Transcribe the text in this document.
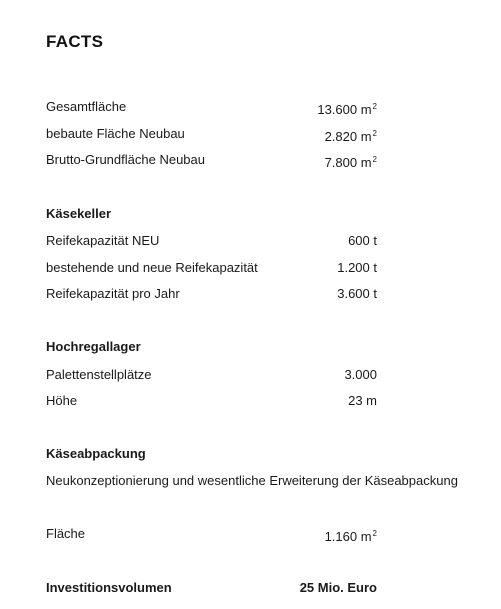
FACTS
Gesamtfläche	13.600 $m^2$
bebaute Fläche Neubau	2.820 $m^2$
Brutto-Grundfläche Neubau	7.800 $m^2$
Käsekeller
Reifekapazität NEU	600 t
bestehende und neue Reifekapazität	1.200 t
Reifekapazität pro Jahr	3.600 t
Hochregallager
Palettenstellplätze	3.000
Höhe	23 m
Käseabpackung
Neukonzeptionierung und wesentliche Erweiterung der Käseabpackung
Fläche	1.160 $m^2$
Investitionsvolumen	25 Mio. Euro
